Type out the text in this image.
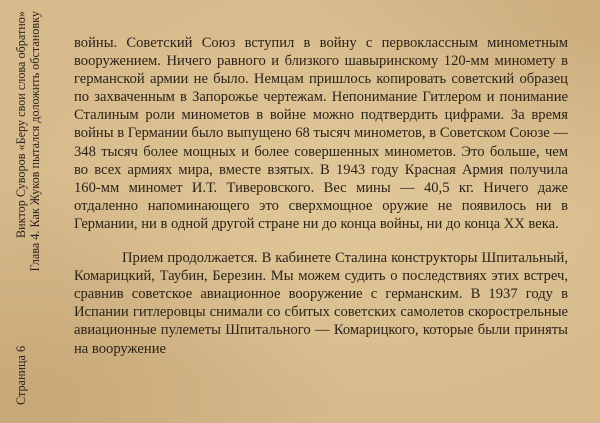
Страница 6
Виктор Суворов «Беру свои слова обратно» Глава 4. Как Жуков пытался доложить обстановку войны. Советский Союз вступил в войну с первоклассным минометным вооружением. Ничего равного и близкого шавыринскому 120-мм миномету в германской армии не было. Немцам пришлось копировать советский образец по захваченным в Запорожье чертежам. Непонимание Гитлером и понимание Сталиным роли минометов в войне можно подтвердить цифрами. За время войны в Германии было выпущено 68 тысяч минометов, в Советском Союзе — 348 тысяч более мощных и более совершенных минометов. Это больше, чем во всех армиях мира, вместе взятых. В 1943 году Красная Армия получила 160-мм миномет И.Т. Тиверовского. Вес мины — 40,5 кг. Ничего даже отдаленно напоминающего это сверхмощное оружие не появилось ни в Германии, ни в одной другой стране ни до конца войны, ни до конца XX века.

Прием продолжается. В кабинете Сталина конструкторы Шпитальный, Комарицкий, Таубин, Березин. Мы можем судить о последствиях этих встреч, сравнив советское авиационное вооружение с германским. В 1937 году в Испании гитлеровцы снимали со сбитых советских самолетов скорострельные авиационные пулеметы Шпитального — Комарицкого, которые были приняты на вооружение
